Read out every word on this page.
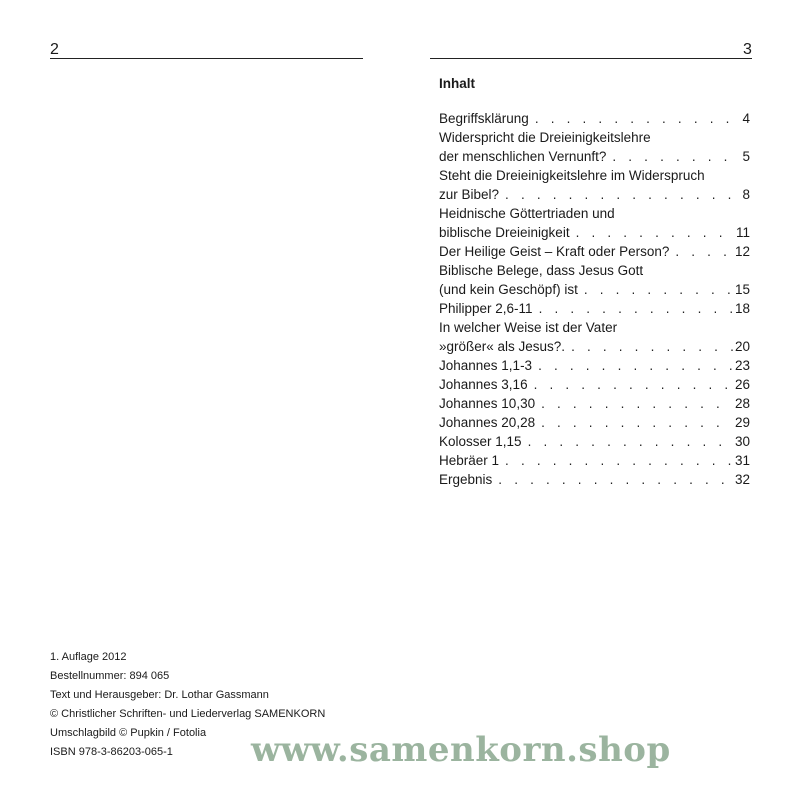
2	3
Inhalt
Begriffsklärung . . .	4
Widerspricht die Dreieinigkeitslehre
der menschlichen Vernunft? . . .	5
Steht die Dreieinigkeitslehre im Widerspruch
zur Bibel? . . .	8
Heidnische Göttertriaden und
biblische Dreieinigkeit . . .	11
Der Heilige Geist – Kraft oder Person? . . .	12
Biblische Belege, dass Jesus Gott
(und kein Geschöpf) ist . . .	15
Philipper 2,6-11 . . .	18
In welcher Weise ist der Vater
»größer« als Jesus?. . . .	20
Johannes 1,1-3 . . .	23
Johannes 3,16 . . .	26
Johannes 10,30 . . .	28
Johannes 20,28 . . .	29
Kolosser 1,15 . . .	30
Hebräer 1 . . .	31
Ergebnis . . .	32
1. Auflage 2012
Bestellnummer: 894 065
Text und Herausgeber: Dr. Lothar Gassmann
© Christlicher Schriften- und Liederverlag SAMENKORN
Umschlagbild © Pupkin / Fotolia
ISBN 978-3-86203-065-1	www.samenkorn.shop
